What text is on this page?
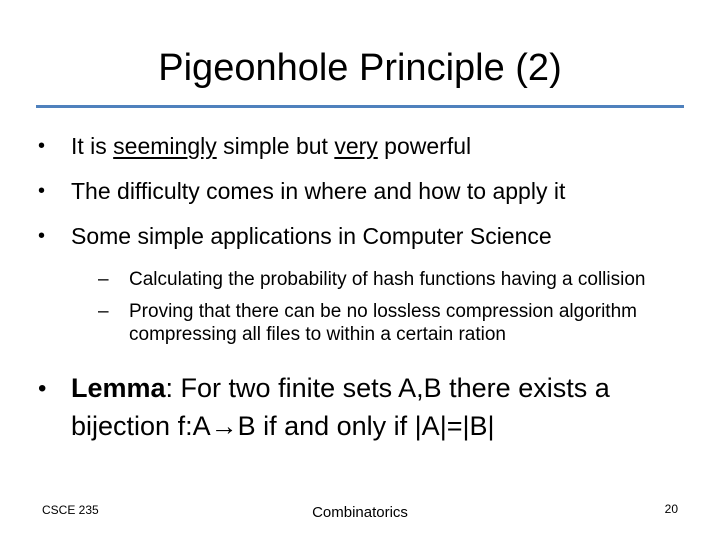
Pigeonhole Principle (2)
•	It is seemingly simple but very powerful
•	The difficulty comes in where and how to apply it
•	Some simple applications in Computer Science
– Calculating the probability of hash functions having a collision
– Proving that there can be no lossless compression algorithm compressing all files to within a certain ration
• Lemma: For two finite sets A,B there exists a bijection f:A→B if and only if |A|=|B|
CSCE 235	Combinatorics	20
